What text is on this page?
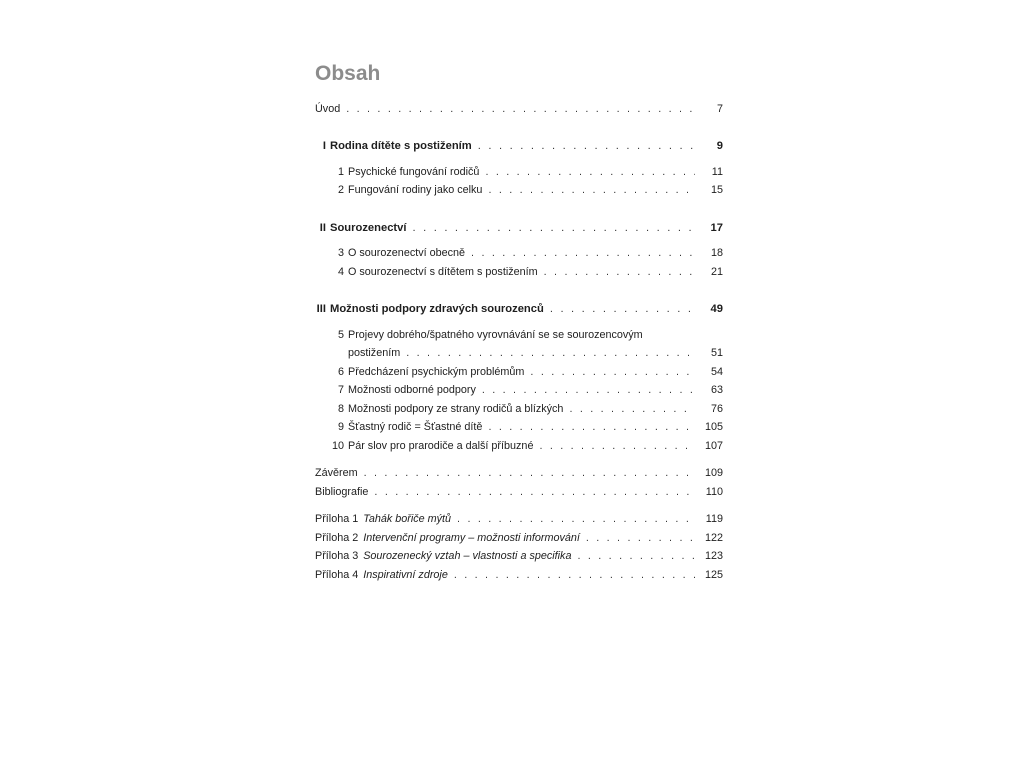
Obsah
Úvod . . .	7
I Rodina dítěte s postižením . . .	9
1 Psychické fungování rodičů . . .	11
2 Fungování rodiny jako celku . . .	15
II Sourozenectví . . .	17
3 O sourozenectví obecně . . .	18
4 O sourozenectví s dítětem s postižením . . .	21
III Možnosti podpory zdravých sourozenců . . .	49
5 Projevy dobrého/špatného vyrovnávání se se sourozencovým
postižením . . .	51
6 Předcházení psychickým problémům . . .	54
7 Možnosti odborné podpory . . .	63
8 Možnosti podpory ze strany rodičů a blízkých . . .	76
9 Šťastný rodič = Šťastné dítě . . .	105
10 Pár slov pro prarodiče a další příbuzné . . .	107
Závěrem . . .	109
Bibliografie . . .	110
Příloha 1 Tahák bořiče mýtů . . .	119
Příloha 2 Intervenční programy – možnosti informování . . .	122
Příloha 3 Sourozenecký vztah – vlastnosti a specifika . . .	123
Příloha 4 Inspirativní zdroje . . .	125
